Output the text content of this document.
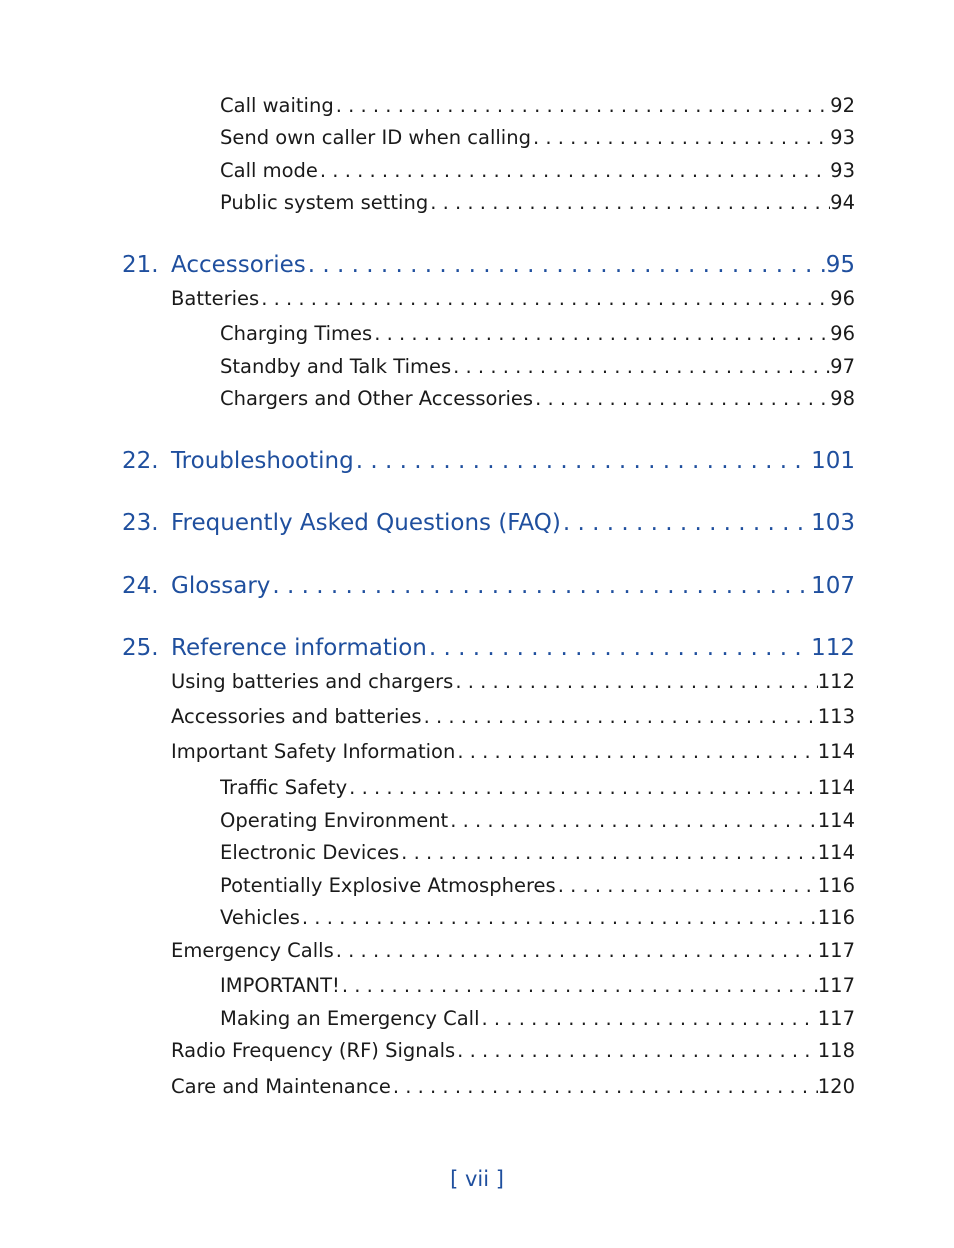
Call waiting . . .	92
Send own caller ID when calling . . .	93
Call mode . . .	93
Public system setting . . .	94
21. Accessories . . .	95
Batteries . . .	96
Charging Times . . .	96
Standby and Talk Times . . .	97
Chargers and Other Accessories . . .	98
22. Troubleshooting . . .	101
23. Frequently Asked Questions (FAQ) . . .	103
24. Glossary . . .	107
25. Reference information . . .	112
Using batteries and chargers . . .	112
Accessories and batteries . . .	113
Important Safety Information . . .	114
Traffic Safety . . .	114
Operating Environment . . .	114
Electronic Devices . . .	114
Potentially Explosive Atmospheres . . .	116
Vehicles . . .	116
Emergency Calls . . .	117
IMPORTANT! . . .	117
Making an Emergency Call . . .	117
Radio Frequency (RF) Signals . . .	118
Care and Maintenance . . .	120
[ vii ]
